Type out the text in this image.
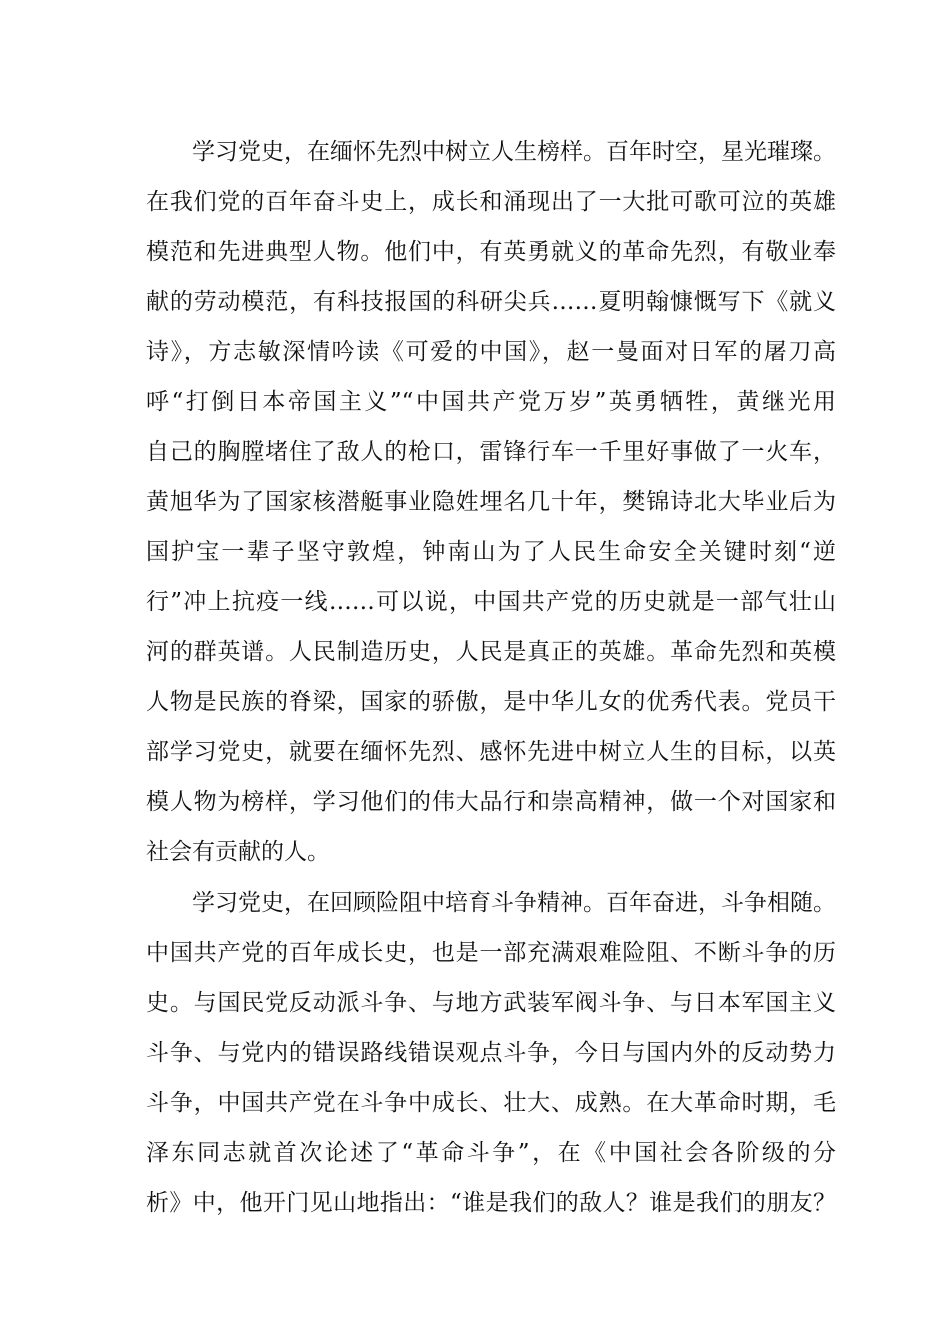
学习党史，在缅怀先烈中树立人生榜样。百年时空，星光璀璨。
在我们党的百年奋斗史上，成长和涌现出了一大批可歌可泣的英雄
模范和先进典型人物。他们中，有英勇就义的革命先烈，有敬业奉
献的劳动模范，有科技报国的科研尖兵……夏明翰慷慨写下《就义
诗》，方志敏深情吟读《可爱的中国》，赵一曼面对日军的屠刀高
呼“打倒日本帝国主义”“中国共产党万岁”英勇牺牲，黄继光用
自己的胸膛堵住了敌人的枪口，雷锋行车一千里好事做了一火车，
黄旭华为了国家核潜艇事业隐姓埋名几十年，樊锦诗北大毕业后为
国护宝一辈子坚守敦煌，钟南山为了人民生命安全关键时刻“逆
行”冲上抗疫一线……可以说，中国共产党的历史就是一部气壮山
河的群英谱。人民制造历史，人民是真正的英雄。革命先烈和英模
人物是民族的脊梁，国家的骄傲，是中华儿女的优秀代表。党员干
部学习党史，就要在缅怀先烈、感怀先进中树立人生的目标，以英
模人物为榜样，学习他们的伟大品行和崇高精神，做一个对国家和
社会有贡献的人。
学习党史，在回顾险阻中培育斗争精神。百年奋进，斗争相随。
中国共产党的百年成长史，也是一部充满艰难险阻、不断斗争的历
史。与国民党反动派斗争、与地方武装军阀斗争、与日本军国主义
斗争、与党内的错误路线错误观点斗争，今日与国内外的反动势力
斗争，中国共产党在斗争中成长、壮大、成熟。在大革命时期，毛
泽东同志就首次论述了“革命斗争”，在《中国社会各阶级的分
析》中，他开门见山地指出：“谁是我们的敌人？谁是我们的朋友？
